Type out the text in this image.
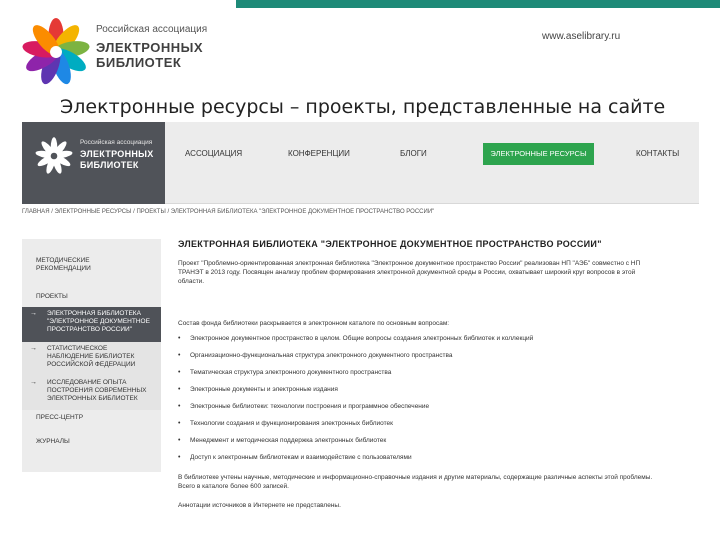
Российская ассоциация
ЭЛЕКТРОННЫХ
БИБЛИОТЕК
www.aselibrary.ru
Электронные ресурсы – проекты, представленные на сайте
Российская ассоциация
ЭЛЕКТРОННЫХ
БИБЛИОТЕК
АССОЦИАЦИЯ	КОНФЕРЕНЦИИ	БЛОГИ	ЭЛЕКТРОННЫЕ РЕСУРСЫ	КОНТАКТЫ
ГЛАВНАЯ / ЭЛЕКТРОННЫЕ РЕСУРСЫ / ПРОЕКТЫ / ЭЛЕКТРОННАЯ БИБЛИОТЕКА "ЭЛЕКТРОННОЕ ДОКУМЕНТНОЕ ПРОСТРАНСТВО РОССИИ"
МЕТОДИЧЕСКИЕ
РЕКОМЕНДАЦИИ
ПРОЕКТЫ
→ ЭЛЕКТРОННАЯ БИБЛИОТЕКА
"ЭЛЕКТРОННОЕ ДОКУМЕНТНОЕ
ПРОСТРАНСТВО РОССИИ"
→ СТАТИСТИЧЕСКОЕ
НАБЛЮДЕНИЕ БИБЛИОТЕК
РОССИЙСКОЙ ФЕДЕРАЦИИ
→ ИССЛЕДОВАНИЕ ОПЫТА
ПОСТРОЕНИЯ СОВРЕМЕННЫХ
ЭЛЕКТРОННЫХ БИБЛИОТЕК
ПРЕСС-ЦЕНТР
ЖУРНАЛЫ
ЭЛЕКТРОННАЯ БИБЛИОТЕКА "ЭЛЕКТРОННОЕ ДОКУМЕНТНОЕ ПРОСТРАНСТВО РОССИИ"
Проект "Проблемно-ориентированная электронная библиотека "Электронное документное пространство России" реализован НП "АЭБ" совместно с НП
ТРАНЭТ в 2013 году. Посвящен анализу проблем формирования электронной документной среды в России, охватывает широкий круг вопросов в этой
области.
Состав фонда библиотеки раскрывается в электронном каталоге по основным вопросам:
• Электронное документное пространство в целом. Общие вопросы создания электронных библиотек и коллекций
• Организационно-функциональная структура электронного документного пространства
• Тематическая структура электронного документного пространства
• Электронные документы и электронные издания
• Электронные библиотеки: технологии построения и программное обеспечение
• Технологии создания и функционирования электронных библиотек
• Менеджмент и методическая поддержка электронных библиотек
• Доступ к электронным библиотекам и взаимодействие с пользователями
В библиотеке учтены научные, методические и информационно-справочные издания и другие материалы, содержащие различные аспекты этой проблемы.
Всего в каталоге более 600 записей.
Аннотации источников в Интернете не представлены.
